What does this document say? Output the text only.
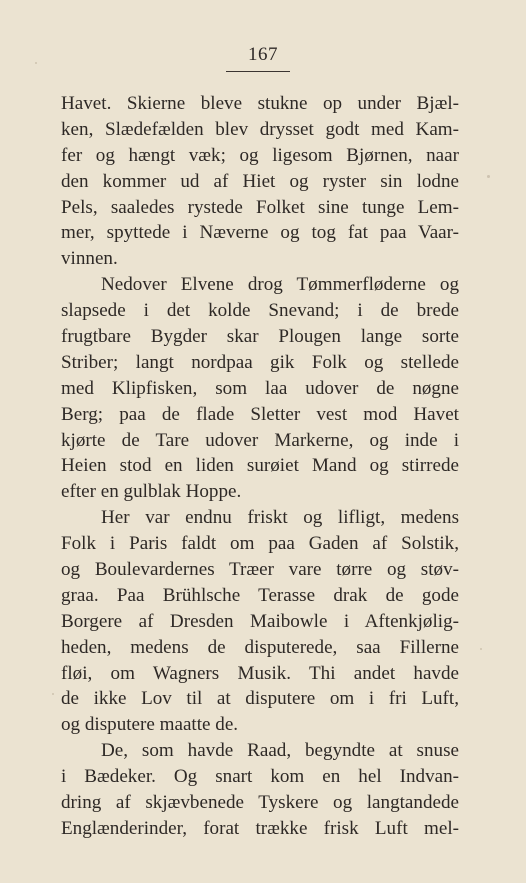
167
Havet. Skierne bleve stukne op under Bjæl-
ken, Slædefælden blev drysset godt med Kam-
fer og hængt væk; og ligesom Bjørnen, naar
den kommer ud af Hiet og ryster sin lodne
Pels, saaledes rystede Folket sine tunge Lem-
mer, spyttede i Næverne og tog fat paa Vaar-
vinnen.
Nedover Elvene drog Tømmerfløderne og
slapsede i det kolde Snevand; i de brede
frugtbare Bygder skar Plougen lange sorte
Striber; langt nordpaa gik Folk og stellede
med Klipfisken, som laa udover de nøgne
Berg; paa de flade Sletter vest mod Havet
kjørte de Tare udover Markerne, og inde i
Heien stod en liden surøiet Mand og stirrede
efter en gulblak Hoppe.
Her var endnu friskt og lifligt, medens
Folk i Paris faldt om paa Gaden af Solstik,
og Boulevardernes Træer vare tørre og støv-
graa. Paa Brühlsche Terasse drak de gode
Borgere af Dresden Maibowle i Aftenkjølig-
heden, medens de disputerede, saa Fillerne
fløi, om Wagners Musik. Thi andet havde
de ikke Lov til at disputere om i fri Luft,
og disputere maatte de.
De, som havde Raad, begyndte at snuse
i Bædeker. Og snart kom en hel Indvan-
dring af skjævbenede Tyskere og langtandede
Englænderinder, forat trække frisk Luft mel-
